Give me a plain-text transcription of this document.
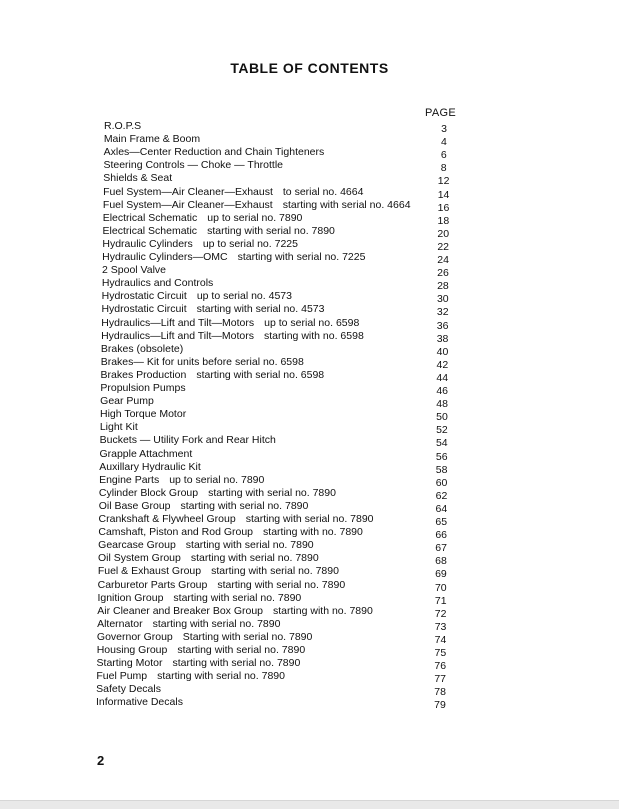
TABLE OF CONTENTS
PAGE
R.O.P.S	3
Main Frame & Boom	4
Axles—Center Reduction and Chain Tighteners	6
Steering Controls — Choke — Throttle	8
Shields & Seat	12
Fuel System—Air Cleaner—Exhaust to serial no. 4664	14
Fuel System—Air Cleaner—Exhaust starting with serial no. 4664	16
Electrical Schematic up to serial no. 7890	18
Electrical Schematic starting with serial no. 7890	20
Hydraulic Cylinders up to serial no. 7225	22
Hydraulic Cylinders—OMC starting with serial no. 7225	24
2 Spool Valve	26
Hydraulics and Controls	28
Hydrostatic Circuit up to serial no. 4573	30
Hydrostatic Circuit starting with serial no. 4573	32
Hydraulics—Lift and Tilt—Motors up to serial no. 6598	36
Hydraulics—Lift and Tilt—Motors starting with no. 6598	38
Brakes (obsolete)	40
Brakes— Kit for units before serial no. 6598	42
Brakes Production starting with serial no. 6598	44
Propulsion Pumps	46
Gear Pump	48
High Torque Motor	50
Light Kit	52
Buckets — Utility Fork and Rear Hitch	54
Grapple Attachment	56
Auxillary Hydraulic Kit	58
Engine Parts up to serial no. 7890	60
Cylinder Block Group starting with serial no. 7890	62
Oil Base Group starting with serial no. 7890	64
Crankshaft & Flywheel Group starting with serial no. 7890	65
Camshaft, Piston and Rod Group starting with no. 7890	66
Gearcase Group starting with serial no. 7890	67
Oil System Group starting with serial no. 7890	68
Fuel & Exhaust Group starting with serial no. 7890	69
Carburetor Parts Group starting with serial no. 7890	70
Ignition Group starting with serial no. 7890	71
Air Cleaner and Breaker Box Group starting with no. 7890	72
Alternator starting with serial no. 7890	73
Governor Group Starting with serial no. 7890	74
Housing Group starting with serial no. 7890	75
Starting Motor starting with serial no. 7890	76
Fuel Pump starting with serial no. 7890	77
Safety Decals	78
Informative Decals	79
2
